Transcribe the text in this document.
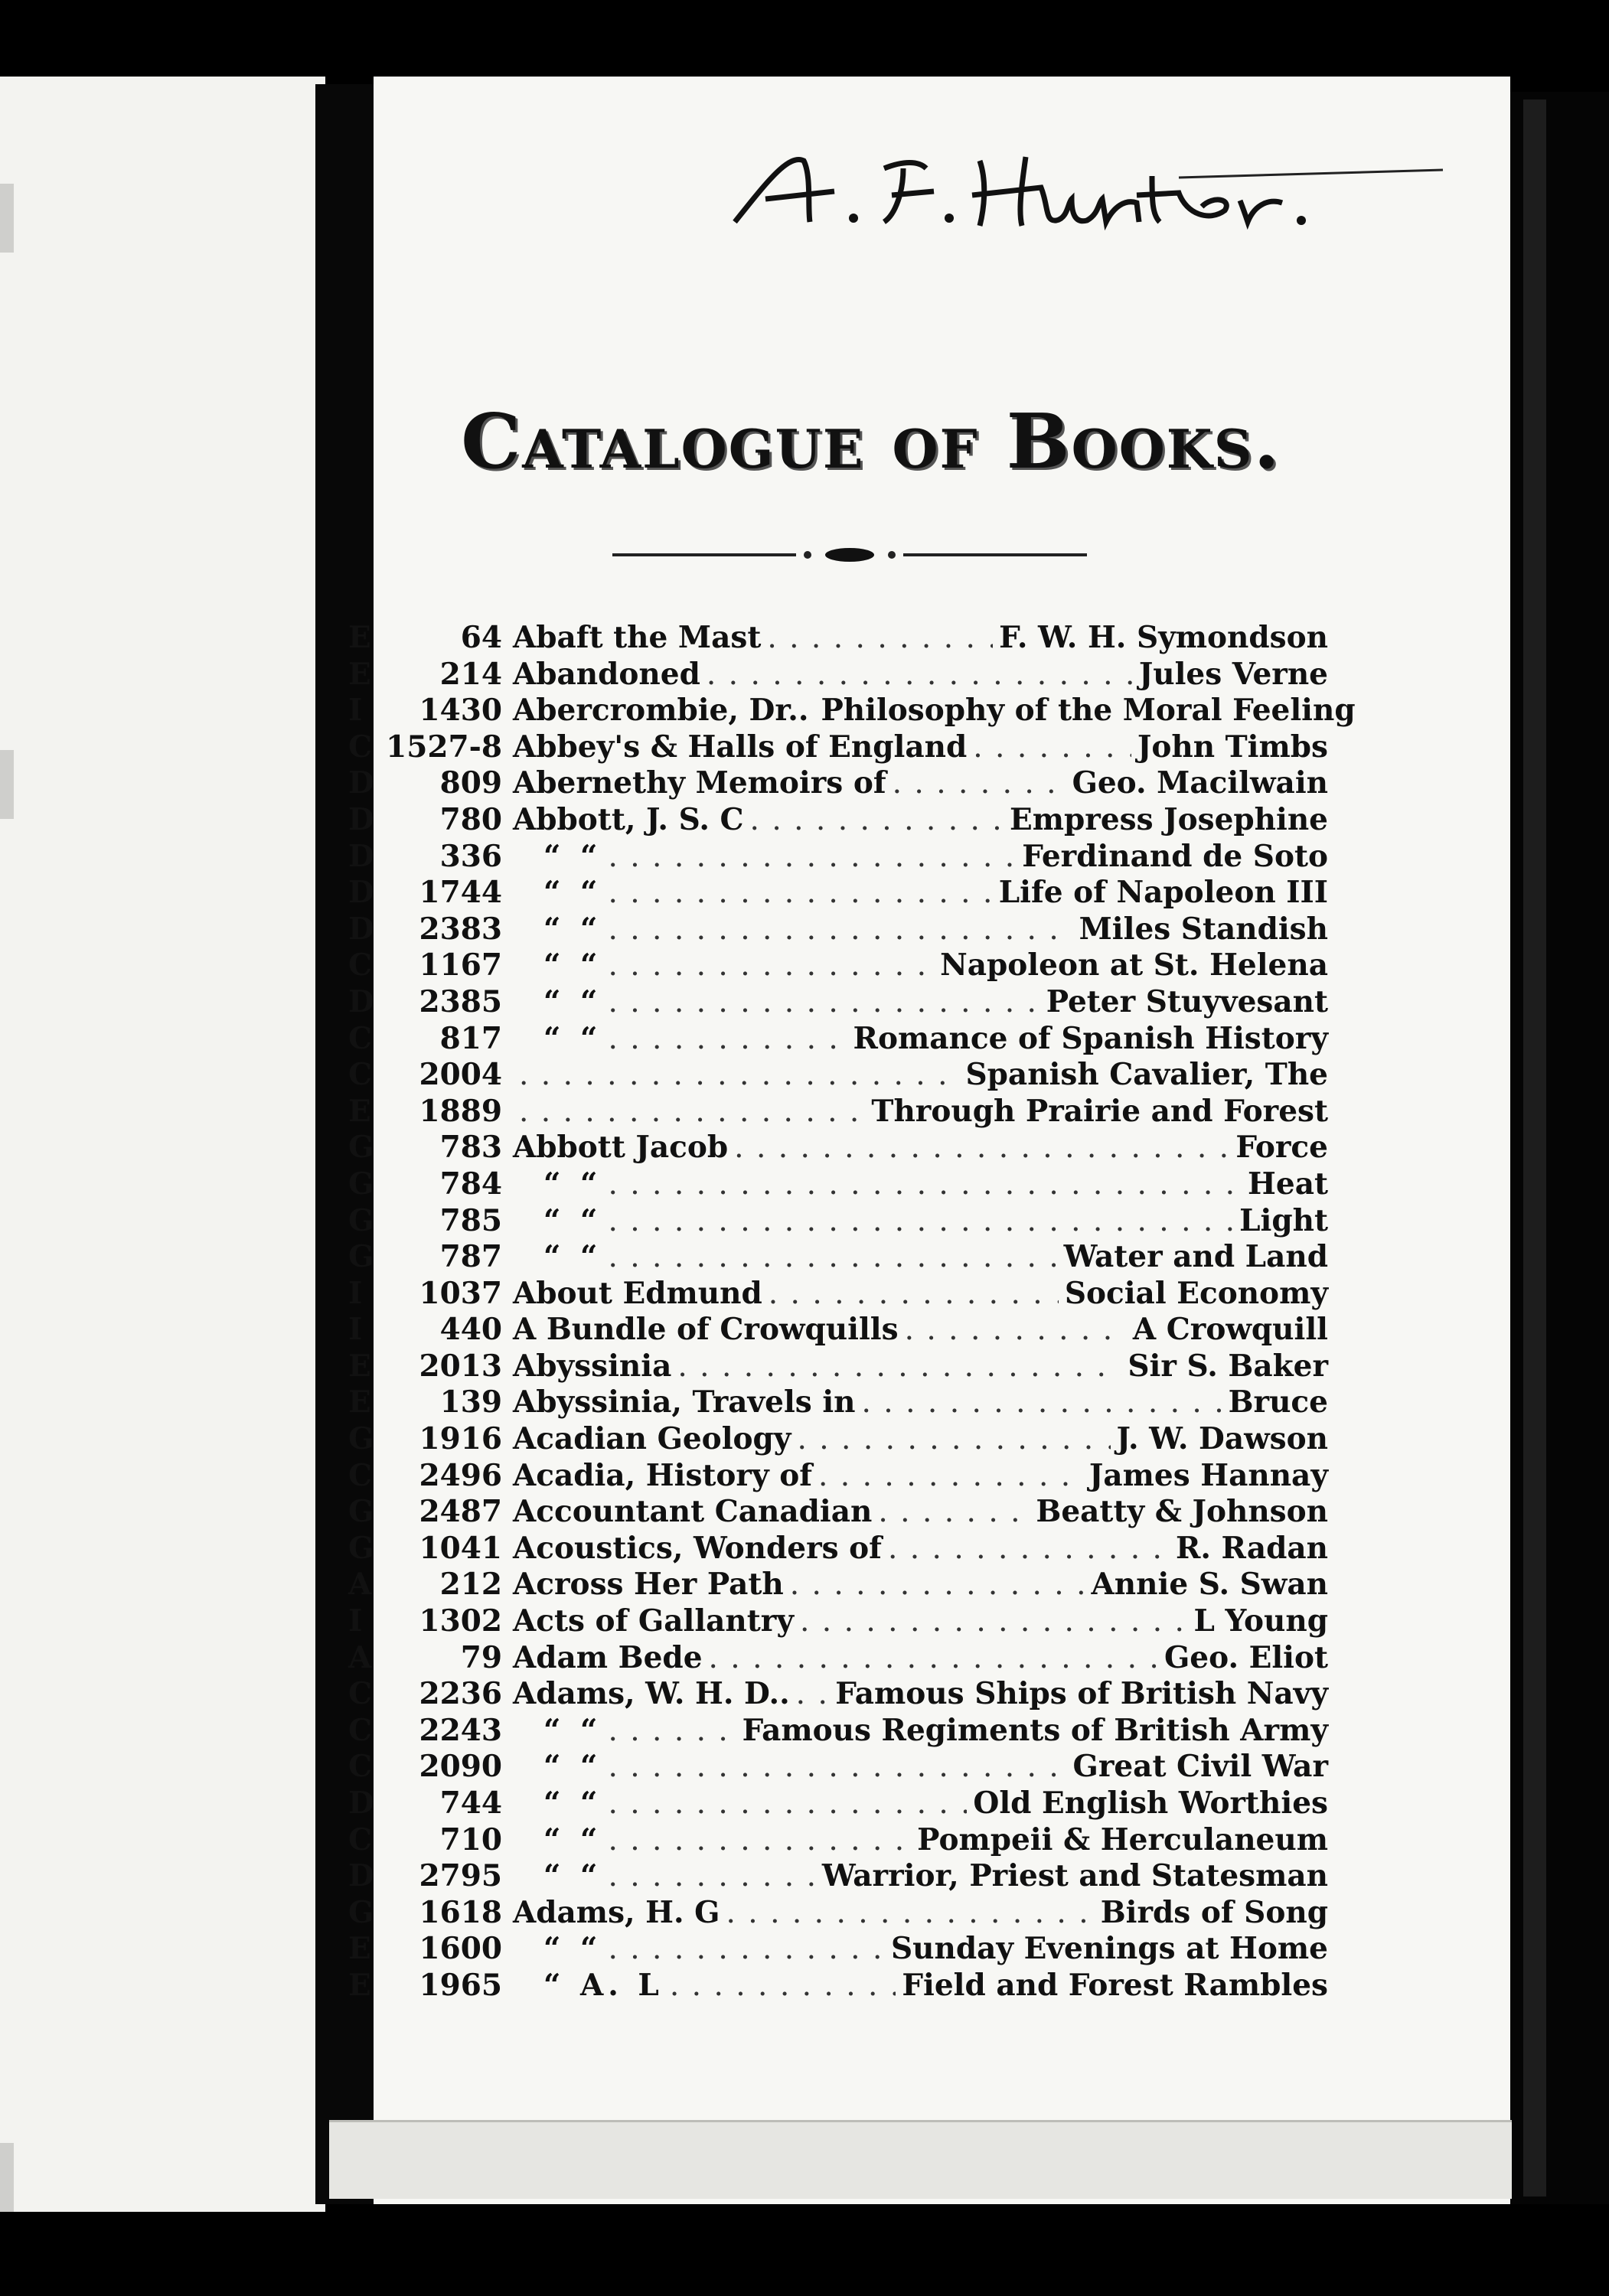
Catalogue of Books.
E	64 Abaft the Mast . . .	F. W. H. Symondson
E	214 Abandoned . . .	Jules Verne
I	1430 Abercrombie, Dr.. Philosophy of the Moral Feeling
C 1527-8 Abbey's & Halls of England . . .	John Timbs
D	809 Abernethy Memoirs of . . .	Geo. Macilwain
D	780 Abbott, J. S. C . . .	Empress Josephine
D	336	“ “ . . .	Ferdinand de Soto
D	1744	“ “ . . .	Life of Napoleon III
D	2383	“ “ . . .	Miles Standish
C	1167	“ “ . . .	Napoleon at St. Helena
D	2385	“ “ . . .	Peter Stuyvesant
C	817	“ “ . . .	Romance of Spanish History
C	2004 . . .	Spanish Cavalier, The
E	1889 . . .	Through Prairie and Forest
G	783 Abbott Jacob . . .	Force
G	784	“ “ . . .	Heat
G	785	“ “ . . .	Light
G	787	“ “ . . .	Water and Land
I	1037 About Edmund . . .	Social Economy
I	440 A Bundle of Crowquills . . .	A Crowquill
E	2013 Abyssinia . . .	Sir S. Baker
E	139 Abyssinia, Travels in . . .	Bruce
G	1916 Acadian Geology . . .	J. W. Dawson
C	2496 Acadia, History of . . .	James Hannay
G	2487 Accountant Canadian . . .	Beatty & Johnson
G	1041 Acoustics, Wonders of . . .	R. Radan
A	212 Across Her Path . . .	Annie S. Swan
I	1302 Acts of Gallantry . . .	L Young
A	79 Adam Bede . . .	Geo. Eliot
C	2236 Adams, W. H. D.. . . . Famous Ships of British Navy
C	2243	“ “ . . .	Famous Regiments of British Army
C	2090	“ “ . . .	Great Civil War
D	744	“ “ . . .	Old English Worthies
C	710	“ “ . . .	Pompeii & Herculaneum
D	2795	“ “ . . .	Warrior, Priest and Statesman
G	1618 Adams, H. G . . .	Birds of Song
E	1600	“ “ . . .	Sunday Evenings at Home
E	1965	“ A. L . . .	Field and Forest Rambles
